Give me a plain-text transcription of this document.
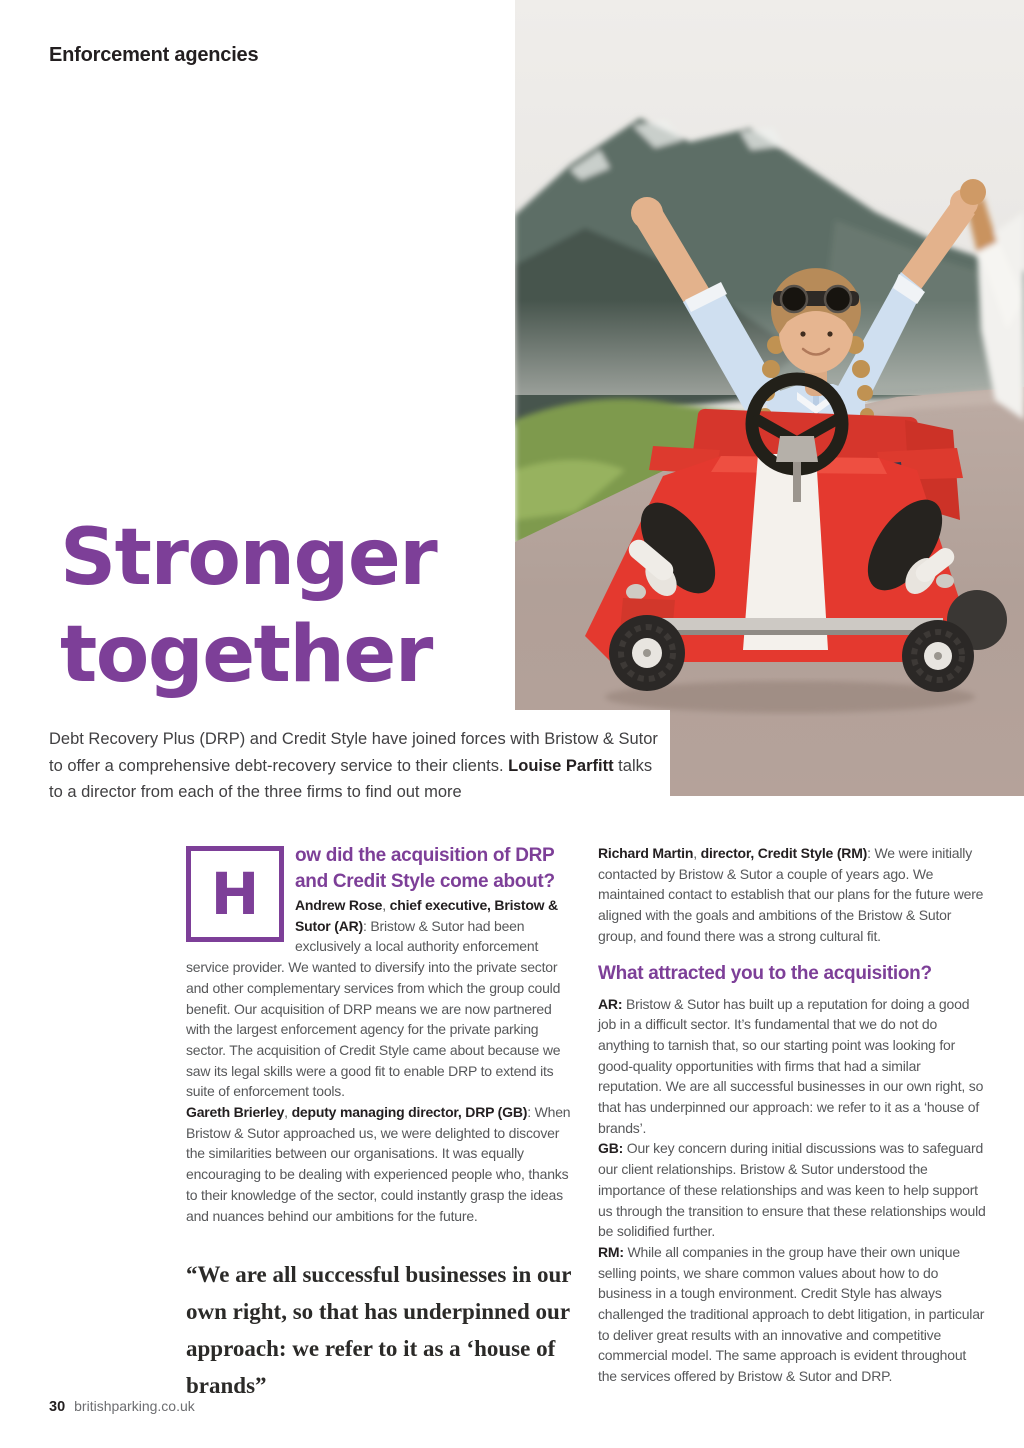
Enforcement agencies
Stronger
together
Debt Recovery Plus (DRP) and Credit Style have joined forces with Bristow & Sutor
to offer a comprehensive debt-recovery service to their clients. Louise Parfitt talks
to a director from each of the three firms to find out more
H
ow did the acquisition of DRP
and Credit Style come about?

Andrew Rose, chief executive, Bristow & Sutor (AR): Bristow & Sutor had been exclusively a local authority enforcement service provider. We wanted to diversify into the private sector and other complementary services from which the group could benefit. Our acquisition of DRP means we are now partnered with the largest enforcement agency for the private parking sector. The acquisition of Credit Style came about because we saw its legal skills were a good fit to enable DRP to extend its suite of enforcement tools.

Gareth Brierley, deputy managing director, DRP (GB): When Bristow & Sutor approached us, we were delighted to discover the similarities between our organisations. It was equally encouraging to be dealing with experienced people who, thanks to their knowledge of the sector, could instantly grasp the ideas and nuances behind our ambitions for the future.

“We are all successful businesses in our own right, so that has underpinned our approach: we refer to it as a ‘house of brands”

Richard Martin, director, Credit Style (RM): We were initially contacted by Bristow & Sutor a couple of years ago. We maintained contact to establish that our plans for the future were aligned with the goals and ambitions of the Bristow & Sutor group, and found there was a strong cultural fit.

What attracted you to the acquisition?

AR: Bristow & Sutor has built up a reputation for doing a good job in a difficult sector. It’s fundamental that we do not do anything to tarnish that, so our starting point was looking for good-quality opportunities with firms that had a similar reputation. We are all successful businesses in our own right, so that has underpinned our approach: we refer to it as a ‘house of brands’.

GB: Our key concern during initial discussions was to safeguard our client relationships. Bristow & Sutor understood the importance of these relationships and was keen to help support us through the transition to ensure that these relationships would be solidified further.

RM: While all companies in the group have their own unique selling points, we share common values about how to do business in a tough environment. Credit Style has always challenged the traditional approach to debt litigation, in particular to deliver great results with an innovative and competitive commercial model. The same approach is evident throughout the services offered by Bristow & Sutor and DRP.

30 britishparking.co.uk
